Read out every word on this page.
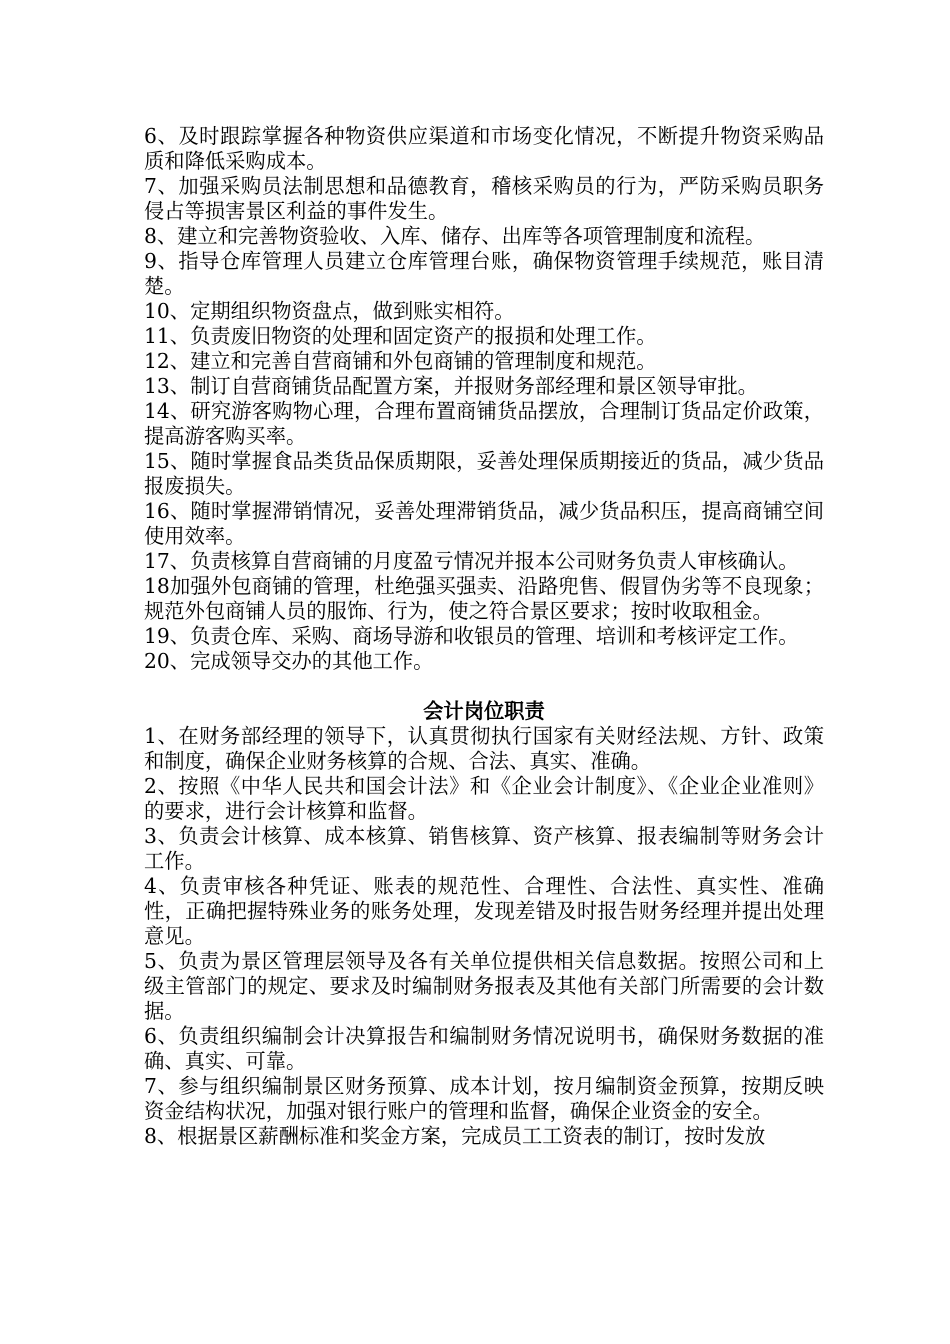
6、及时跟踪掌握各种物资供应渠道和市场变化情况，不断提升物资采购品质和降低采购成本。

7、加强采购员法制思想和品德教育，稽核采购员的行为，严防采购员职务侵占等损害景区利益的事件发生。

8、建立和完善物资验收、入库、储存、出库等各项管理制度和流程。

9、指导仓库管理人员建立仓库管理台账，确保物资管理手续规范，账目清楚。

10、定期组织物资盘点，做到账实相符。

11、负责废旧物资的处理和固定资产的报损和处理工作。

12、建立和完善自营商铺和外包商铺的管理制度和规范。

13、制订自营商铺货品配置方案，并报财务部经理和景区领导审批。

14、研究游客购物心理，合理布置商铺货品摆放，合理制订货品定价政策，提高游客购买率。

15、随时掌握食品类货品保质期限，妥善处理保质期接近的货品，减少货品报废损失。

16、随时掌握滞销情况，妥善处理滞销货品，减少货品积压，提高商铺空间使用效率。

17、负责核算自营商铺的月度盈亏情况并报本公司财务负责人审核确认。

18加强外包商铺的管理，杜绝强买强卖、沿路兜售、假冒伪劣等不良现象；规范外包商铺人员的服饰、行为，使之符合景区要求；按时收取租金。

19、负责仓库、采购、商场导游和收银员的管理、培训和考核评定工作。

20、完成领导交办的其他工作。

会计岗位职责

1、在财务部经理的领导下，认真贯彻执行国家有关财经法规、方针、政策和制度，确保企业财务核算的合规、合法、真实、准确。

2、按照《中华人民共和国会计法》和《企业会计制度》、《企业企业准则》的要求，进行会计核算和监督。

3、负责会计核算、成本核算、销售核算、资产核算、报表编制等财务会计工作。

4、负责审核各种凭证、账表的规范性、合理性、合法性、真实性、准确性，正确把握特殊业务的账务处理，发现差错及时报告财务经理并提出处理意见。

5、负责为景区管理层领导及各有关单位提供相关信息数据。按照公司和上级主管部门的规定、要求及时编制财务报表及其他有关部门所需要的会计数据。

6、负责组织编制会计决算报告和编制财务情况说明书，确保财务数据的准确、真实、可靠。

7、参与组织编制景区财务预算、成本计划，按月编制资金预算，按期反映资金结构状况，加强对银行账户的管理和监督，确保企业资金的安全。

8、根据景区薪酬标准和奖金方案，完成员工工资表的制订，按时发放
